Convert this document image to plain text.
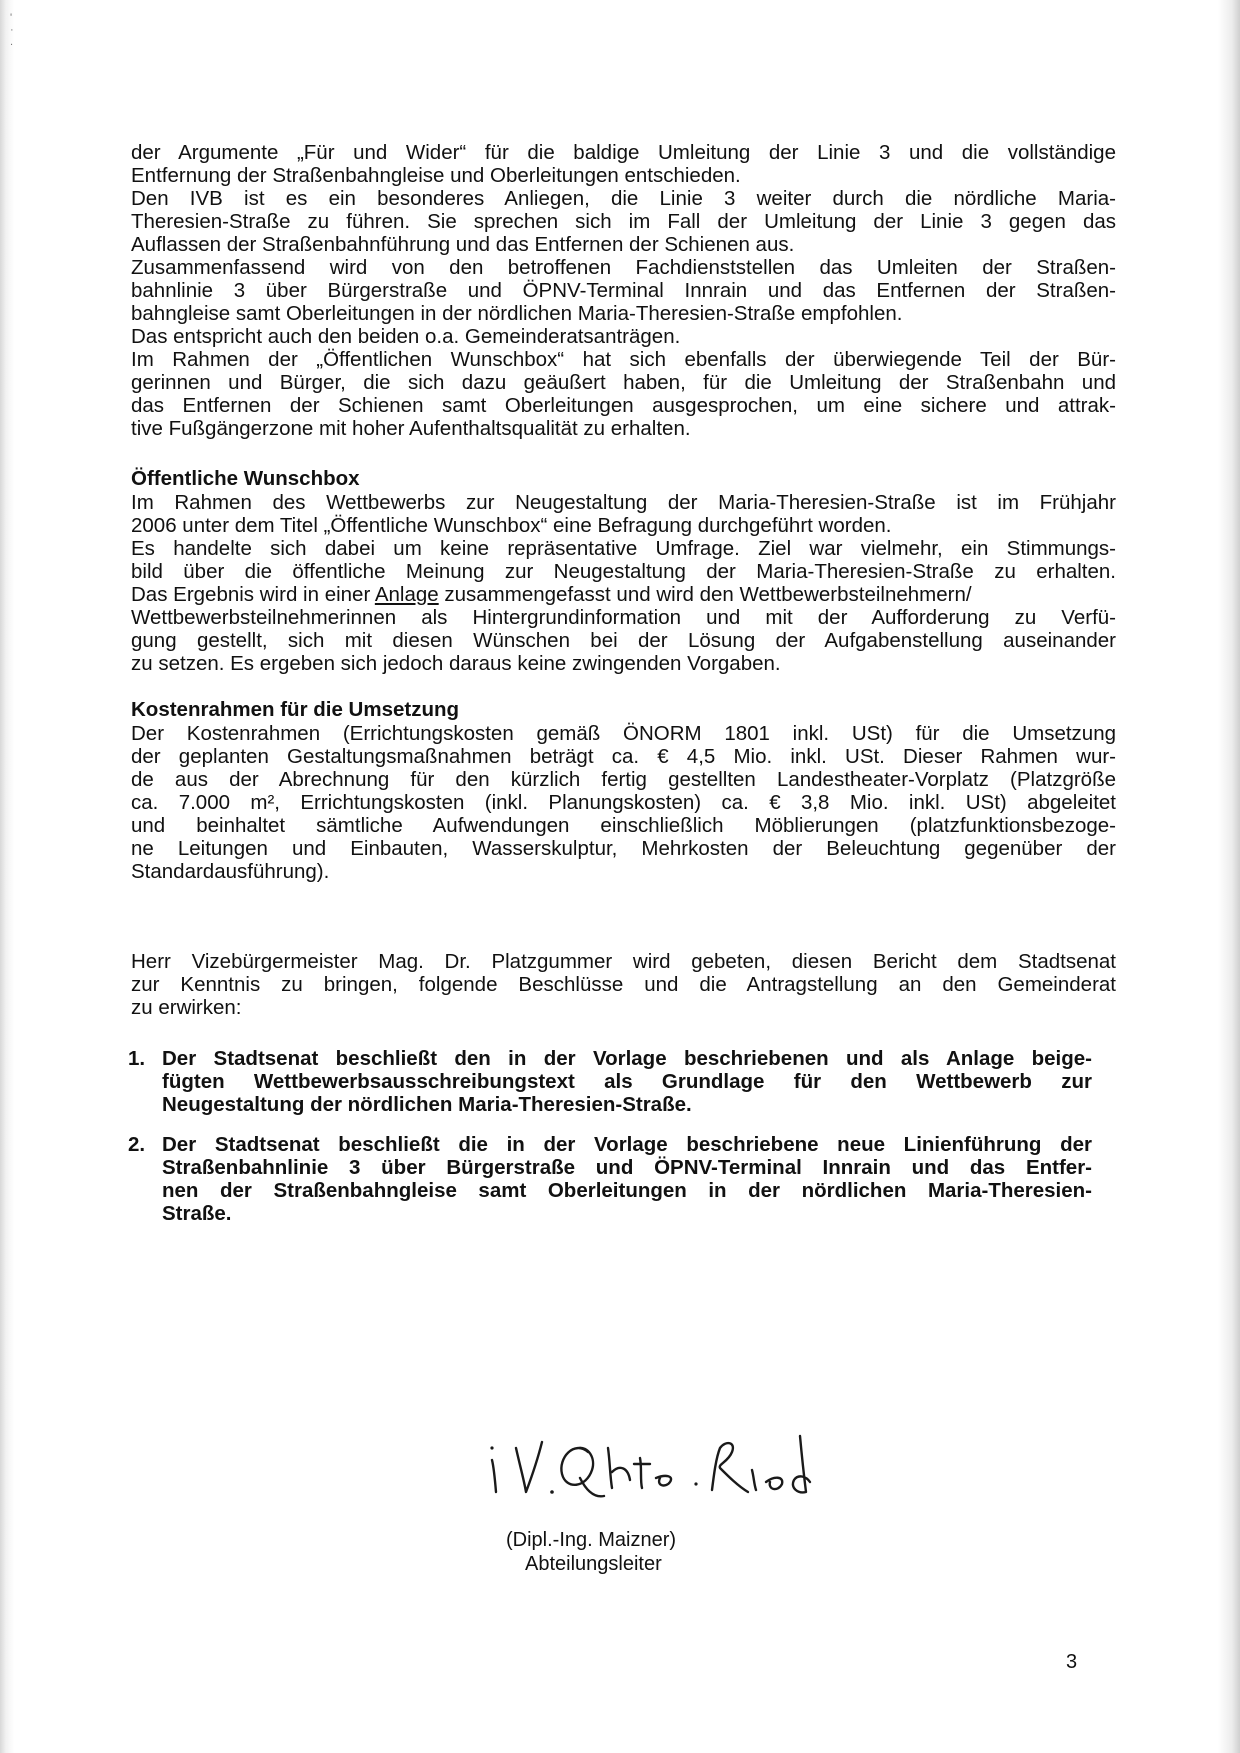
' · .
der Argumente „Für und Wider“ für die baldige Umleitung der Linie 3 und die vollständige
Entfernung der Straßenbahngleise und Oberleitungen entschieden.
Den IVB ist es ein besonderes Anliegen, die Linie 3 weiter durch die nördliche Maria-
Theresien-Straße zu führen. Sie sprechen sich im Fall der Umleitung der Linie 3 gegen das
Auflassen der Straßenbahnführung und das Entfernen der Schienen aus.
Zusammenfassend wird von den betroffenen Fachdienststellen das Umleiten der Straßen-
bahnlinie 3 über Bürgerstraße und ÖPNV-Terminal Innrain und das Entfernen der Straßen-
bahngleise samt Oberleitungen in der nördlichen Maria-Theresien-Straße empfohlen.
Das entspricht auch den beiden o.a. Gemeinderatsanträgen.
Im Rahmen der „Öffentlichen Wunschbox“ hat sich ebenfalls der überwiegende Teil der Bür-
gerinnen und Bürger, die sich dazu geäußert haben, für die Umleitung der Straßenbahn und
das Entfernen der Schienen samt Oberleitungen ausgesprochen, um eine sichere und attrak-
tive Fußgängerzone mit hoher Aufenthaltsqualität zu erhalten.
Öffentliche Wunschbox
Im Rahmen des Wettbewerbs zur Neugestaltung der Maria-Theresien-Straße ist im Frühjahr
2006 unter dem Titel „Öffentliche Wunschbox“ eine Befragung durchgeführt worden.
Es handelte sich dabei um keine repräsentative Umfrage. Ziel war vielmehr, ein Stimmungs-
bild über die öffentliche Meinung zur Neugestaltung der Maria-Theresien-Straße zu erhalten.
Das Ergebnis wird in einer Anlage zusammengefasst und wird den Wettbewerbsteilnehmern/
Wettbewerbsteilnehmerinnen als Hintergrundinformation und mit der Aufforderung zu Verfü-
gung gestellt, sich mit diesen Wünschen bei der Lösung der Aufgabenstellung auseinander
zu setzen. Es ergeben sich jedoch daraus keine zwingenden Vorgaben.
Kostenrahmen für die Umsetzung
Der Kostenrahmen (Errichtungskosten gemäß ÖNORM 1801 inkl. USt) für die Umsetzung
der geplanten Gestaltungsmaßnahmen beträgt ca. € 4,5 Mio. inkl. USt. Dieser Rahmen wur-
de aus der Abrechnung für den kürzlich fertig gestellten Landestheater-Vorplatz (Platzgröße
ca. 7.000 m², Errichtungskosten (inkl. Planungskosten) ca. € 3,8 Mio. inkl. USt) abgeleitet
und beinhaltet sämtliche Aufwendungen einschließlich Möblierungen (platzfunktionsbezoge-
ne Leitungen und Einbauten, Wasserskulptur, Mehrkosten der Beleuchtung gegenüber der
Standardausführung).
Herr Vizebürgermeister Mag. Dr. Platzgummer wird gebeten, diesen Bericht dem Stadtsenat
zur Kenntnis zu bringen, folgende Beschlüsse und die Antragstellung an den Gemeinderat
zu erwirken:
1. Der Stadtsenat beschließt den in der Vorlage beschriebenen und als Anlage beige-
fügten Wettbewerbsausschreibungstext als Grundlage für den Wettbewerb zur
Neugestaltung der nördlichen Maria-Theresien-Straße.
2. Der Stadtsenat beschließt die in der Vorlage beschriebene neue Linienführung der
Straßenbahnlinie 3 über Bürgerstraße und ÖPNV-Terminal Innrain und das Entfer-
nen der Straßenbahngleise samt Oberleitungen in der nördlichen Maria-Theresien-
Straße.
(Dipl.-Ing. Maizner)
Abteilungsleiter
3
